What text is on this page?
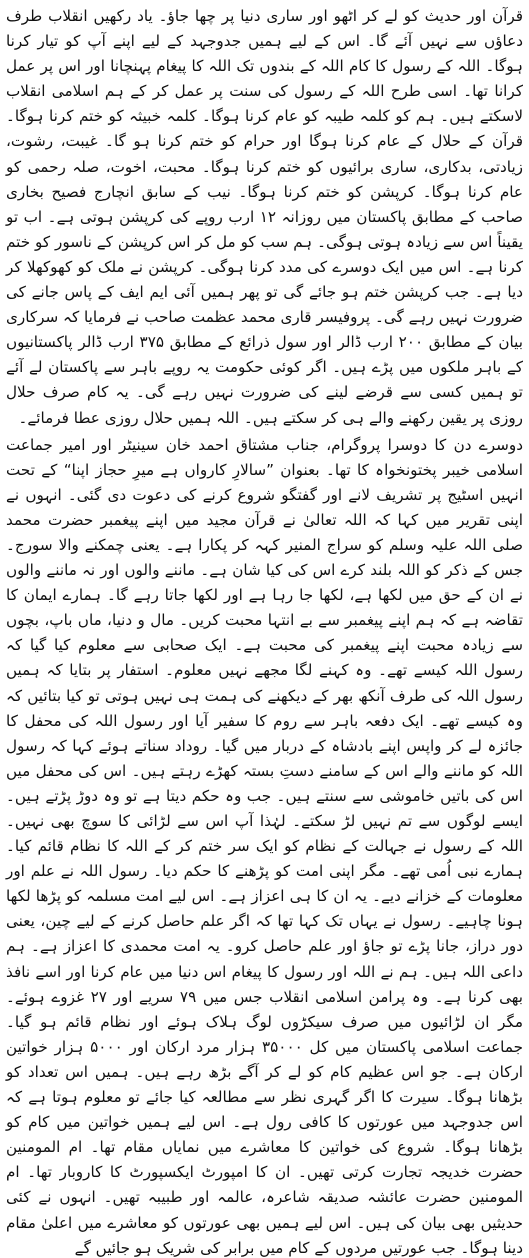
قرآن اور حدیث کو لے کر اٹھو اور ساری دنیا پر چھا جاؤ۔ یاد رکھیں انقلاب طرف دعاؤں سے نہیں آئے گا۔ اس کے لیے ہمیں جدوجہد کے لیے اپنے آپ کو تیار کرنا ہوگا۔ اللہ کے رسول کا کام اللہ کے بندوں تک اللہ کا پیغام پہنچانا اور اس پر عمل کرانا تھا۔ اسی طرح اللہ کے رسول کی سنت پر عمل کر کے ہم اسلامی انقلاب لاسکتے ہیں۔ ہم کو کلمہ طیبہ کو عام کرنا ہوگا۔ کلمہ خبیثہ کو ختم کرنا ہوگا۔ قرآن کے حلال کے عام کرنا ہوگا اور حرام کو ختم کرنا ہو گا۔ غیبت، رشوت، زیادتی، بدکاری، ساری برائیوں کو ختم کرنا ہوگا۔ محبت، اخوت، صلہ رحمی کو عام کرنا ہوگا۔ کرپشن کو ختم کرنا ہوگا۔ نیب کے سابق انچارج فصیح بخاری صاحب کے مطابق پاکستان میں روزانہ ۱۲ ارب روپے کی کرپشن ہوتی ہے۔ اب تو یقیناً اس سے زیادہ ہوتی ہوگی۔ ہم سب کو مل کر اس کرپشن کے ناسور کو ختم کرنا ہے۔ اس میں ایک دوسرے کی مدد کرنا ہوگی۔ کرپشن نے ملک کو کھوکھلا کر دیا ہے۔ جب کرپشن ختم ہو جائے گی تو پھر ہمیں آئی ایم ایف کے پاس جانے کی ضرورت نہیں رہے گی۔ پروفیسر قاری محمد عظمت صاحب نے فرمایا کہ سرکاری بیان کے مطابق ۲۰۰ ارب ڈالر اور سول ذرائع کے مطابق ۳۷۵ ارب ڈالر پاکستانیوں کے باہر ملکوں میں پڑے ہیں۔ اگر کوئی حکومت یہ روپے باہر سے پاکستان لے آئے تو ہمیں کسی سے قرضے لینے کی ضرورت نہیں رہے گی۔ یہ کام صرف حلال روزی پر یقین رکھنے والے ہی کر سکتے ہیں۔ اللہ ہمیں حلال روزی عطا فرمائے۔

دوسرے دن کا دوسرا پروگرام، جناب مشتاق احمد خان سینیٹر اور امیر جماعت اسلامی خیبر پختونخواہ کا تھا۔ بعنوان ”سالارِ کارواں ہے میرِ حجاز اپنا“ کے تحت انہیں اسٹیج پر تشریف لانے اور گفتگو شروع کرنے کی دعوت دی گئی۔ انہوں نے اپنی تقریر میں کہا کہ اللہ تعالیٰ نے قرآن مجید میں اپنے پیغمبر حضرت محمد صلی اللہ علیہ وسلم کو سراج المنیر کہہ کر پکارا ہے۔ یعنی چمکنے والا سورج۔ جس کے ذکر کو اللہ بلند کرے اس کی کیا شان ہے۔ ماننے والوں اور نہ ماننے والوں نے ان کے حق میں لکھا ہے، لکھا جا رہا ہے اور لکھا جاتا رہے گا۔ ہمارے ایمان کا تقاضہ ہے کہ ہم اپنے پیغمبر سے بے انتہا محبت کریں۔ مال و دنیا، ماں باپ، بچوں سے زیادہ محبت اپنے پیغمبر کی محبت ہے۔ ایک صحابی سے معلوم کیا گیا کہ رسول اللہ کیسے تھے۔ وہ کہنے لگا مجھے نہیں معلوم۔ استفار پر بتایا کہ ہمیں رسول اللہ کی طرف آنکھ بھر کے دیکھنے کی ہمت ہی نہیں ہوتی تو کیا بتائیں کہ وہ کیسے تھے۔ ایک دفعہ باہر سے روم کا سفیر آیا اور رسول اللہ کی محفل کا جائزہ لے کر واپس اپنے بادشاہ کے دربار میں گیا۔ روداد سناتے ہوئے کہا کہ رسول اللہ کو ماننے والے اس کے سامنے دستِ بستہ کھڑے رہتے ہیں۔ اس کی محفل میں اس کی باتیں خاموشی سے سنتے ہیں۔ جب وہ حکم دیتا ہے تو وہ دوڑ پڑتے ہیں۔ ایسے لوگوں سے تم نہیں لڑ سکتے۔ لہٰذا آپ اس سے لڑائی کا سوچ بھی نہیں۔ اللہ کے رسول نے جہالت کے نظام کو ایک سر ختم کر کے اللہ کا نظام قائم کیا۔ ہمارے نبی اُمی تھے۔ مگر اپنی امت کو پڑھنے کا حکم دیا۔ رسول اللہ نے علم اور معلومات کے خزانے دیے۔ یہ ان کا ہی اعزاز ہے۔ اس لیے امت مسلمہ کو پڑھا لکھا ہونا چاہیے۔ رسول نے یہاں تک کہا تھا کہ اگر علم حاصل کرنے کے لیے چین، یعنی دور دراز، جانا پڑے تو جاؤ اور علم حاصل کرو۔ یہ امت محمدی کا اعزاز ہے۔ ہم داعی اللہ ہیں۔ ہم نے اللہ اور رسول کا پیغام اس دنیا میں عام کرنا اور اسے نافذ بھی کرنا ہے۔ وہ پرامن اسلامی انقلاب جس میں ۷۹ سریے اور ۲۷ غزوے ہوئے۔ مگر ان لڑائیوں میں صرف سیکڑوں لوگ ہلاک ہوئے اور نظام قائم ہو گیا۔ جماعت اسلامی پاکستان میں کل ۳۵۰۰۰ ہزار مرد ارکان اور ۵۰۰۰ ہزار خواتین ارکان ہے۔ جو اس عظیم کام کو لے کر آگے بڑھ رہے ہیں۔ ہمیں اس تعداد کو بڑھانا ہوگا۔ سیرت کا اگر گہری نظر سے مطالعہ کیا جائے تو معلوم ہوتا ہے کہ اس جدوجہد میں عورتوں کا کافی رول ہے۔ اس لیے ہمیں خواتین میں کام کو بڑھانا ہوگا۔ شروع کی خواتین کا معاشرے میں نمایاں مقام تھا۔ ام المومنین حضرت خدیجہ تجارت کرتی تھیں۔ ان کا امپورٹ ایکسپورٹ کا کاروبار تھا۔ ام المومنین حضرت عائشہ صدیقہ شاعرہ، عالمہ اور طبیبہ تھیں۔ انہوں نے کئی حدیثیں بھی بیان کی ہیں۔ اس لیے ہمیں بھی عورتوں کو معاشرے میں اعلیٰ مقام دینا ہوگا۔ جب عورتیں مردوں کے کام میں برابر کی شریک ہو جائیں گے
